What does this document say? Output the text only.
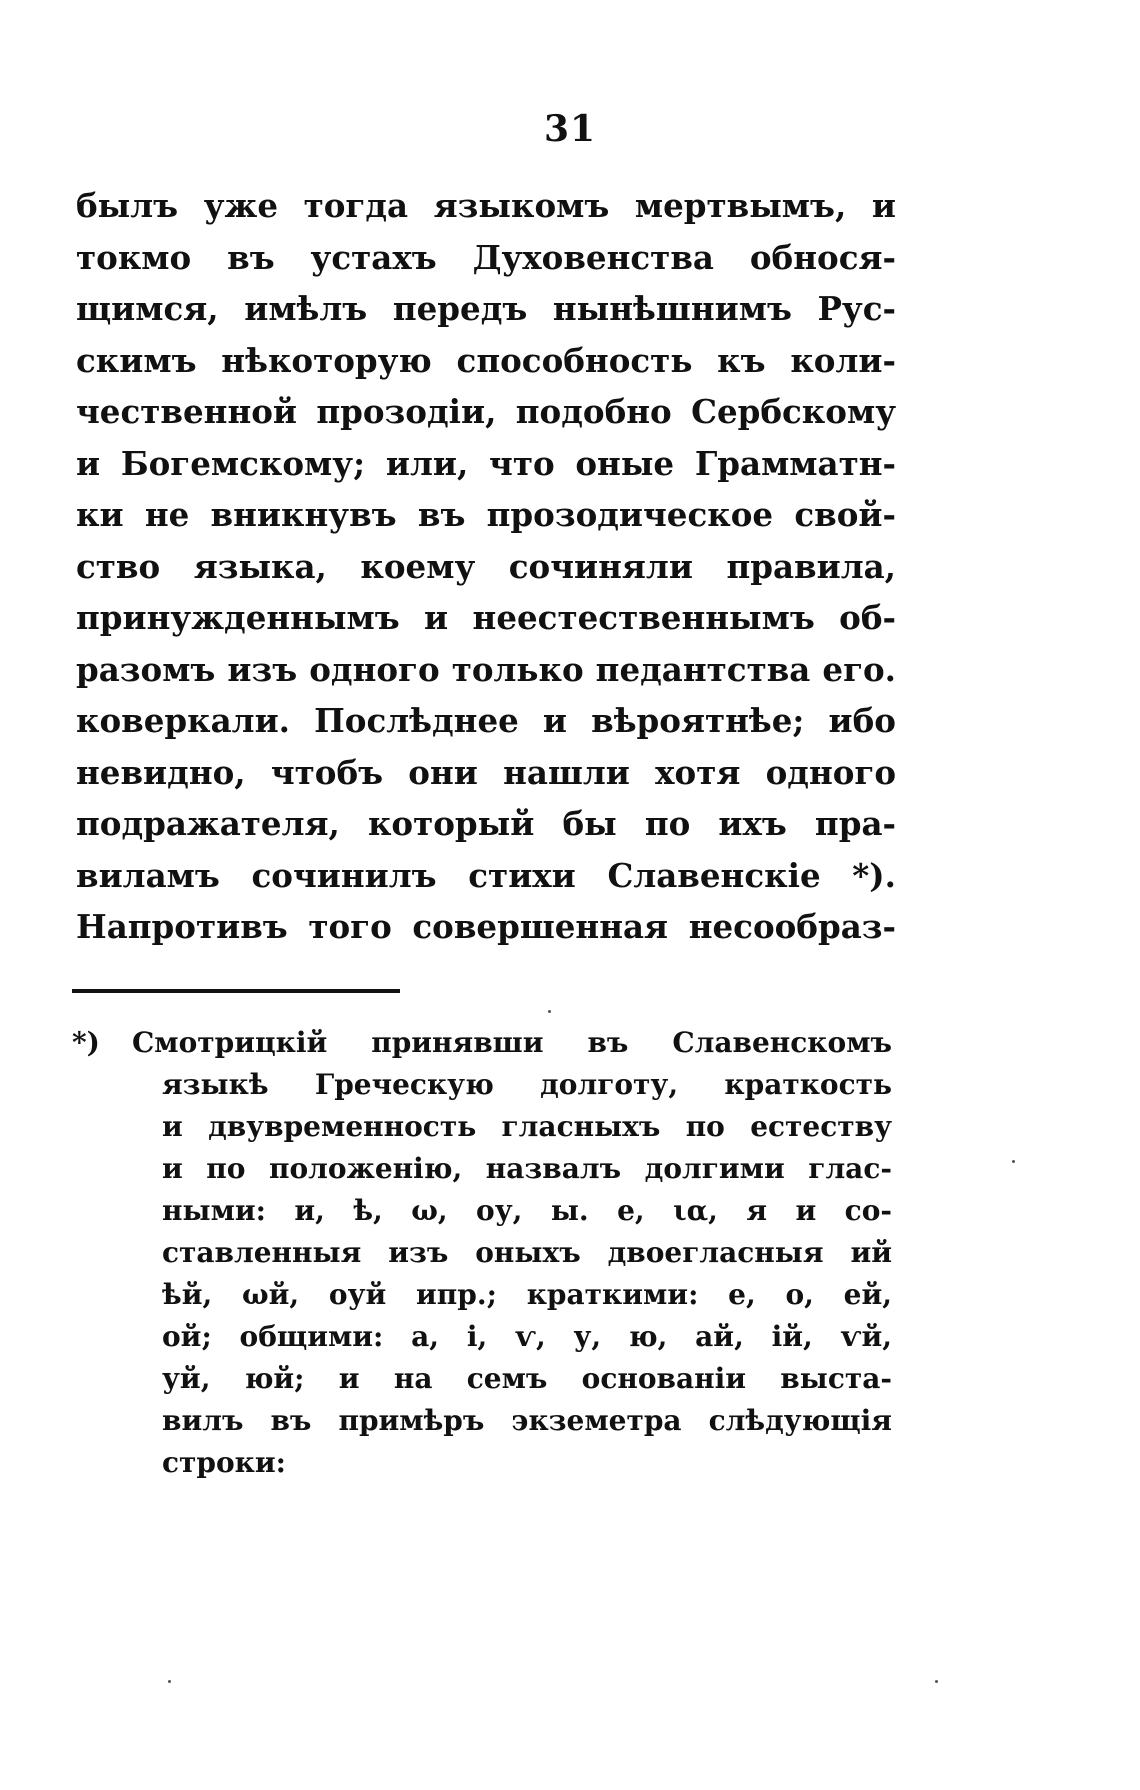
31
былъ уже тогда языкомъ мертвымъ, и
токмо въ устахъ Духовенства обнося-
щимся, имѣлъ передъ нынѣшнимъ Рус-
скимъ нѣкоторую способность къ коли-
чественной прозодіи, подобно Сербскому
и Богемскому; или, что оные Грамматн-
ки не вникнувъ въ прозодическое свой-
ство языка, коему сочиняли правила,
принужденнымъ и неестественнымъ об-
разомъ изъ одного только педантства его.
коверкали. Послѣднее и вѣроятнѣе; ибо
невидно, чтобъ они нашли хотя одного
подражателя, который бы по ихъ пра-
виламъ сочинилъ стихи Славенскіе *).
Напротивъ того совершенная несообраз-
*) Смотрицкій принявши въ Славенскомъ
языкѣ Греческую долготу, краткость
и двувременность гласныхъ по естеству
и по положенію, назвалъ долгими глас-
ными: и, ѣ, ω, оу, ы. е, ια, я и со-
ставленныя изъ оныхъ двоегласныя ий
ѣй, ωй, оуй ипр.; краткими: е, о, ей,
ой; общими: а, і, ѵ, у, ю, ай, ій, ѵй,
уй, юй; и на семъ основаніи выста-
вилъ въ примѣръ экземетра слѣдующія
строки:
